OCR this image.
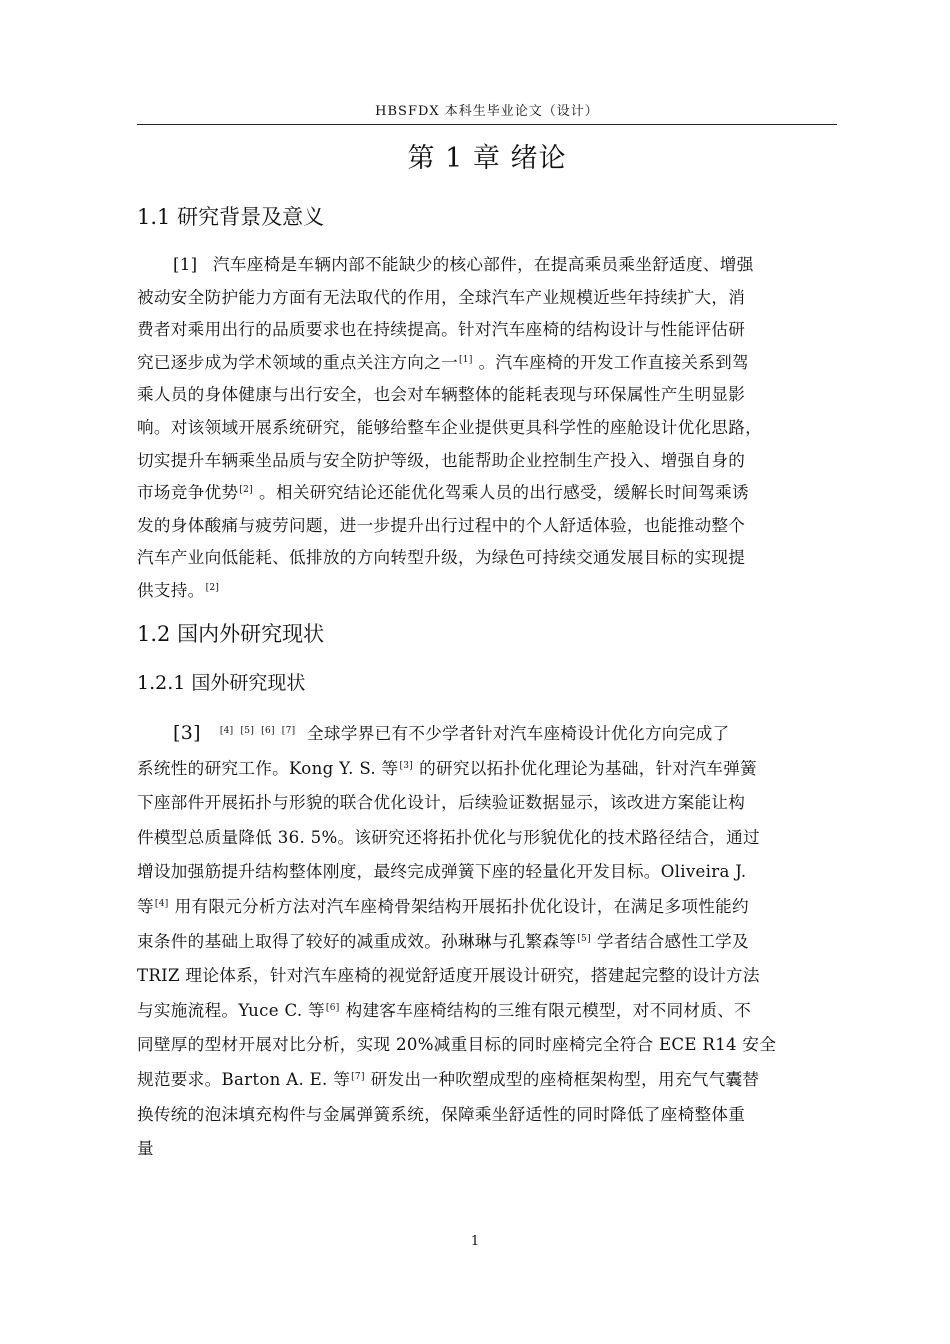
HBSFDX 本科生毕业论文（设计）
第 1 章 绪论
1.1 研究背景及意义
[1] 汽车座椅是车辆内部不能缺少的核心部件，在提高乘员乘坐舒适度、增强
被动安全防护能力方面有无法取代的作用，全球汽车产业规模近些年持续扩大，消
费者对乘用出行的品质要求也在持续提高。针对汽车座椅的结构设计与性能评估研
究已逐步成为学术领域的重点关注方向之一[1] 。汽车座椅的开发工作直接关系到驾
乘人员的身体健康与出行安全，也会对车辆整体的能耗表现与环保属性产生明显影
响。对该领域开展系统研究，能够给整车企业提供更具科学性的座舱设计优化思路，
切实提升车辆乘坐品质与安全防护等级，也能帮助企业控制生产投入、增强自身的
市场竞争优势[2] 。相关研究结论还能优化驾乘人员的出行感受，缓解长时间驾乘诱
发的身体酸痛与疲劳问题，进一步提升出行过程中的个人舒适体验，也能推动整个
汽车产业向低能耗、低排放的方向转型升级，为绿色可持续交通发展目标的实现提
供支持。[2]
1.2 国内外研究现状
1.2.1 国外研究现状
[3] [4] [5] [6] [7] 全球学界已有不少学者针对汽车座椅设计优化方向完成了
系统性的研究工作。Kong Y. S. 等[3] 的研究以拓扑优化理论为基础，针对汽车弹簧
下座部件开展拓扑与形貌的联合优化设计，后续验证数据显示，该改进方案能让构
件模型总质量降低 36. 5%。该研究还将拓扑优化与形貌优化的技术路径结合，通过
增设加强筋提升结构整体刚度，最终完成弹簧下座的轻量化开发目标。Oliveira J.
等[4] 用有限元分析方法对汽车座椅骨架结构开展拓扑优化设计，在满足多项性能约
束条件的基础上取得了较好的减重成效。孙琳琳与孔繁森等[5] 学者结合感性工学及
TRIZ 理论体系，针对汽车座椅的视觉舒适度开展设计研究，搭建起完整的设计方法
与实施流程。Yuce C. 等[6] 构建客车座椅结构的三维有限元模型，对不同材质、不
同壁厚的型材开展对比分析，实现 20%减重目标的同时座椅完全符合 ECE R14 安全
规范要求。Barton A. E. 等[7] 研发出一种吹塑成型的座椅框架构型，用充气气囊替
换传统的泡沫填充构件与金属弹簧系统，保障乘坐舒适性的同时降低了座椅整体重
量
1
